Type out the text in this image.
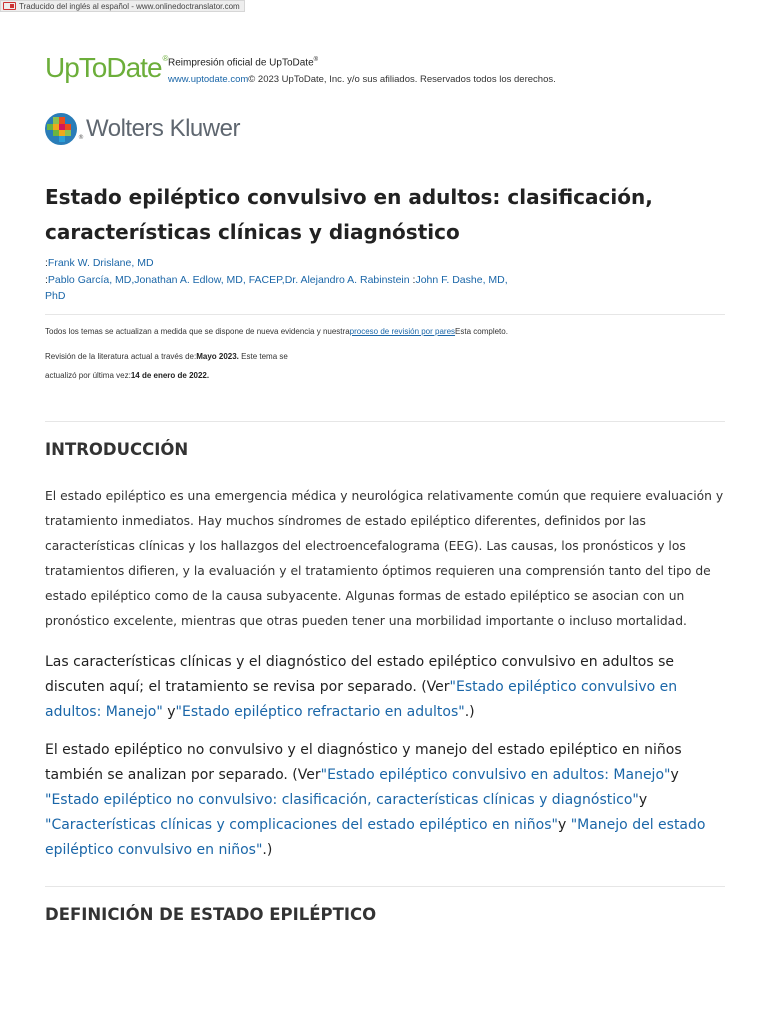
Traducido del inglés al español - www.onlinedoctranslator.com
UpToDate® Reimpresión oficial de UpToDate®
www.uptodate.com© 2023 UpToDate, Inc. y/o sus afiliados. Reservados todos los derechos.
® Wolters Kluwer
Estado epiléptico convulsivo en adultos: clasificación,
características clínicas y diagnóstico
:Frank W. Drislane, MD
:Pablo García, MD,Jonathan A. Edlow, MD, FACEP,Dr. Alejandro A. Rabinstein :John F. Dashe, MD,
PhD
Todos los temas se actualizan a medida que se dispone de nueva evidencia y nuestraproceso de revisión por paresEsta completo.
Revisión de la literatura actual a través de:Mayo 2023. Este tema se
actualizó por última vez:14 de enero de 2022.
INTRODUCCIÓN

El estado epiléptico es una emergencia médica y neurológica relativamente común que requiere evaluación y tratamiento inmediatos. Hay muchos síndromes de estado epiléptico diferentes, definidos por las características clínicas y los hallazgos del electroencefalograma (EEG). Las causas, los pronósticos y los tratamientos difieren, y la evaluación y el tratamiento óptimos requieren una comprensión tanto del tipo de estado epiléptico como de la causa subyacente. Algunas formas de estado epiléptico se asocian con un pronóstico excelente, mientras que otras pueden tener una morbilidad importante o incluso mortalidad.

Las características clínicas y el diagnóstico del estado epiléptico convulsivo en adultos se discuten aquí; el tratamiento se revisa por separado. (Ver"Estado epiléptico convulsivo en adultos: Manejo" y"Estado epiléptico refractario en adultos".)

El estado epiléptico no convulsivo y el diagnóstico y manejo del estado epiléptico en niños también se analizan por separado. (Ver"Estado epiléptico convulsivo en adultos: Manejo"y "Estado epiléptico no convulsivo: clasificación, características clínicas y diagnóstico"y "Características clínicas y complicaciones del estado epiléptico en niños"y "Manejo del estado epiléptico convulsivo en niños".)

DEFINICIÓN DE ESTADO EPILÉPTICO
